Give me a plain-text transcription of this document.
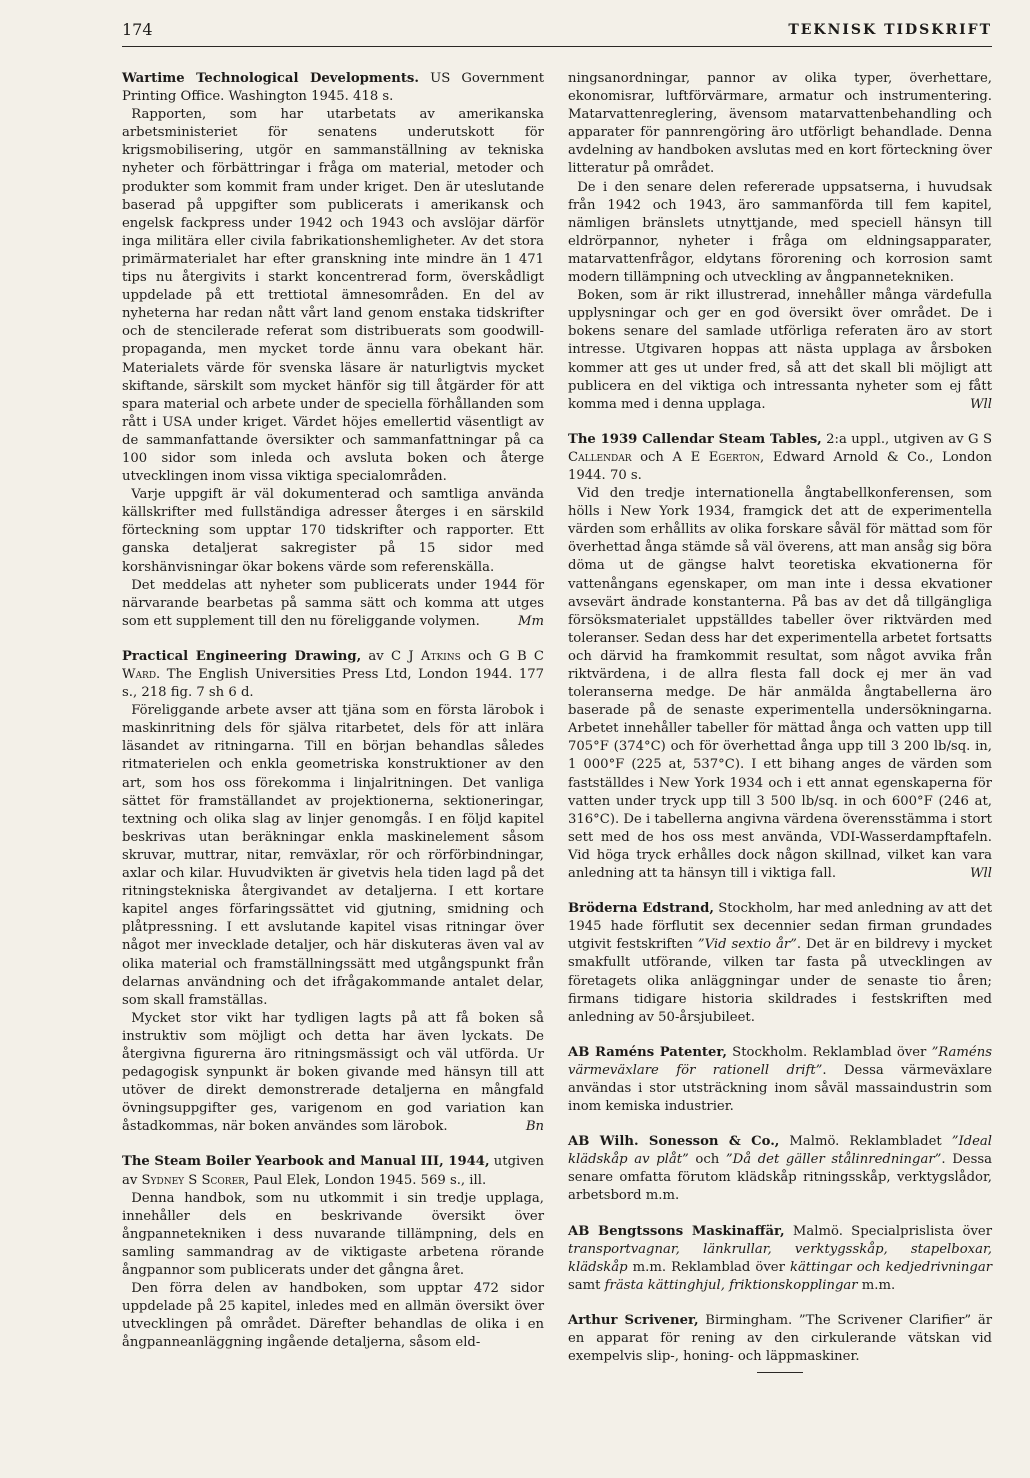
174	TEKNISK TIDSKRIFT

Wartime Technological Developments. US Government Printing Office. Washington 1945. 418 s.

Rapporten, som har utarbetats av amerikanska arbetsministeriet för senatens underutskott för krigsmobilisering, utgör en sammanställning av tekniska nyheter och förbättringar i fråga om material, metoder och produkter som kommit fram under kriget. Den är uteslutande baserad på uppgifter som publicerats i amerikansk och engelsk fackpress under 1942 och 1943 och avslöjar därför inga militära eller civila fabrikationshemligheter. Av det stora primärmaterialet har efter granskning inte mindre än 1 471 tips nu återgivits i starkt koncentrerad form, överskådligt uppdelade på ett trettiotal ämnesområden. En del av nyheterna har redan nått vårt land genom enstaka tidskrifter och de stencilerade referat som distribuerats som goodwill-propaganda, men mycket torde ännu vara obekant här. Materialets värde för svenska läsare är naturligtvis mycket skiftande, särskilt som mycket hänför sig till åtgärder för att spara material och arbete under de speciella förhållanden som rått i USA under kriget. Värdet höjes emellertid väsentligt av de sammanfattande översikter och sammanfattningar på ca 100 sidor som inleda och avsluta boken och återge utvecklingen inom vissa viktiga specialområden.

Varje uppgift är väl dokumenterad och samtliga använda källskrifter med fullständiga adresser återges i en särskild förteckning som upptar 170 tidskrifter och rapporter. Ett ganska detaljerat sakregister på 15 sidor med korshänvisningar ökar bokens värde som referenskälla.

Det meddelas att nyheter som publicerats under 1944 för närvarande bearbetas på samma sätt och komma att utges som ett supplement till den nu föreliggande volymen.	Mm

Practical Engineering Drawing, av C J Atkins och G B C Ward. The English Universities Press Ltd, London 1944. 177 s., 218 fig. 7 sh 6 d.

Föreliggande arbete avser att tjäna som en första lärobok i maskinritning dels för själva ritarbetet, dels för att inlära läsandet av ritningarna. Till en början behandlas således ritmaterielen och enkla geometriska konstruktioner av den art, som hos oss förekomma i linjalritningen. Det vanliga sättet för framställandet av projektionerna, sektioneringar, textning och olika slag av linjer genomgås. I en följd kapitel beskrivas utan beräkningar enkla maskinelement såsom skruvar, muttrar, nitar, remväxlar, rör och rörförbindningar, axlar och kilar. Huvudvikten är givetvis hela tiden lagd på det ritningstekniska återgivandet av detaljerna. I ett kortare kapitel anges förfaringssättet vid gjutning, smidning och plåtpressning. I ett avslutande kapitel visas ritningar över något mer invecklade detaljer, och här diskuteras även val av olika material och framställningssätt med utgångspunkt från delarnas användning och det ifrågakommande antalet delar, som skall framställas.

Mycket stor vikt har tydligen lagts på att få boken så instruktiv som möjligt och detta har även lyckats. De återgivna figurerna äro ritningsmässigt och väl utförda. Ur pedagogisk synpunkt är boken givande med hänsyn till att utöver de direkt demonstrerade detaljerna en mångfald övningsuppgifter ges, varigenom en god variation kan åstadkommas, när boken användes som lärobok.	Bn

The Steam Boiler Yearbook and Manual III, 1944, utgiven av Sydney S Scorer, Paul Elek, London 1945. 569 s., ill.

Denna handbok, som nu utkommit i sin tredje upplaga, innehåller dels en beskrivande översikt över ångpannetekniken i dess nuvarande tillämpning, dels en samling sammandrag av de viktigaste arbetena rörande ångpannor som publicerats under det gångna året.

Den förra delen av handboken, som upptar 472 sidor uppdelade på 25 kapitel, inledes med en allmän översikt över utvecklingen på området. Därefter behandlas de olika i en ångpanneanläggning ingående detaljerna, såsom eld-

ningsanordningar, pannor av olika typer, överhettare, ekonomisrar, luftförvärmare, armatur och instrumentering. Matarvattenreglering, ävensom matarvattenbehandling och apparater för pannrengöring äro utförligt behandlade. Denna avdelning av handboken avslutas med en kort förteckning över litteratur på området.

De i den senare delen refererade uppsatserna, i huvudsak från 1942 och 1943, äro sammanförda till fem kapitel, nämligen bränslets utnyttjande, med speciell hänsyn till eldrörpannor, nyheter i fråga om eldningsapparater, matarvattenfrågor, eldytans förorening och korrosion samt modern tillämpning och utveckling av ångpannetekniken.

Boken, som är rikt illustrerad, innehåller många värdefulla upplysningar och ger en god översikt över området. De i bokens senare del samlade utförliga referaten äro av stort intresse. Utgivaren hoppas att nästa upplaga av årsboken kommer att ges ut under fred, så att det skall bli möjligt att publicera en del viktiga och intressanta nyheter som ej fått komma med i denna upplaga.	Wll

The 1939 Callendar Steam Tables, 2:a uppl., utgiven av G S Callendar och A E Egerton, Edward Arnold & Co., London 1944. 70 s.

Vid den tredje internationella ångtabellkonferensen, som hölls i New York 1934, framgick det att de experimentella värden som erhållits av olika forskare såväl för mättad som för överhettad ånga stämde så väl överens, att man ansåg sig böra döma ut de gängse halvt teoretiska ekvationerna för vattenångans egenskaper, om man inte i dessa ekvationer avsevärt ändrade konstanterna. På bas av det då tillgängliga försöksmaterialet uppställdes tabeller över riktvärden med toleranser. Sedan dess har det experimentella arbetet fortsatts och därvid ha framkommit resultat, som något avvika från riktvärdena, i de allra flesta fall dock ej mer än vad toleranserna medge. De här anmälda ångtabellerna äro baserade på de senaste experimentella undersökningarna. Arbetet innehåller tabeller för mättad ånga och vatten upp till 705°F (374°C) och för överhettad ånga upp till 3 200 lb/sq. in, 1 000°F (225 at, 537°C). I ett bihang anges de värden som fastställdes i New York 1934 och i ett annat egenskaperna för vatten under tryck upp till 3 500 lb/sq. in och 600°F (246 at, 316°C). De i tabellerna angivna värdena överensstämma i stort sett med de hos oss mest använda, VDI-Wasserdampftafeln. Vid höga tryck erhålles dock någon skillnad, vilket kan vara anledning att ta hänsyn till i viktiga fall.	Wll

Bröderna Edstrand, Stockholm, har med anledning av att det 1945 hade förflutit sex decennier sedan firman grundades utgivit festskriften ”Vid sextio år”. Det är en bildrevy i mycket smakfullt utförande, vilken tar fasta på utvecklingen av företagets olika anläggningar under de senaste tio åren; firmans tidigare historia skildrades i festskriften med anledning av 50-årsjubileet.

AB Raméns Patenter, Stockholm. Reklamblad över ”Raméns värmeväxlare för rationell drift”. Dessa värmeväxlare användas i stor utsträckning inom såväl massaindustrin som inom kemiska industrier.

AB Wilh. Sonesson & Co., Malmö. Reklambladet ”Ideal klädskåp av plåt” och ”Då det gäller stålinredningar”. Dessa senare omfatta förutom klädskåp ritningsskåp, verktygslådor, arbetsbord m.m.

AB Bengtssons Maskinaffär, Malmö. Specialprislista över transportvagnar, länkrullar, verktygsskåp, stapelboxar, klädskåp m.m. Reklamblad över kättingar och kedjedrivningar samt frästa kättinghjul, friktionskopplingar m.m.

Arthur Scrivener, Birmingham. ”The Scrivener Clarifier” är en apparat för rening av den cirkulerande vätskan vid exempelvis slip-, honing- och läppmaskiner.
